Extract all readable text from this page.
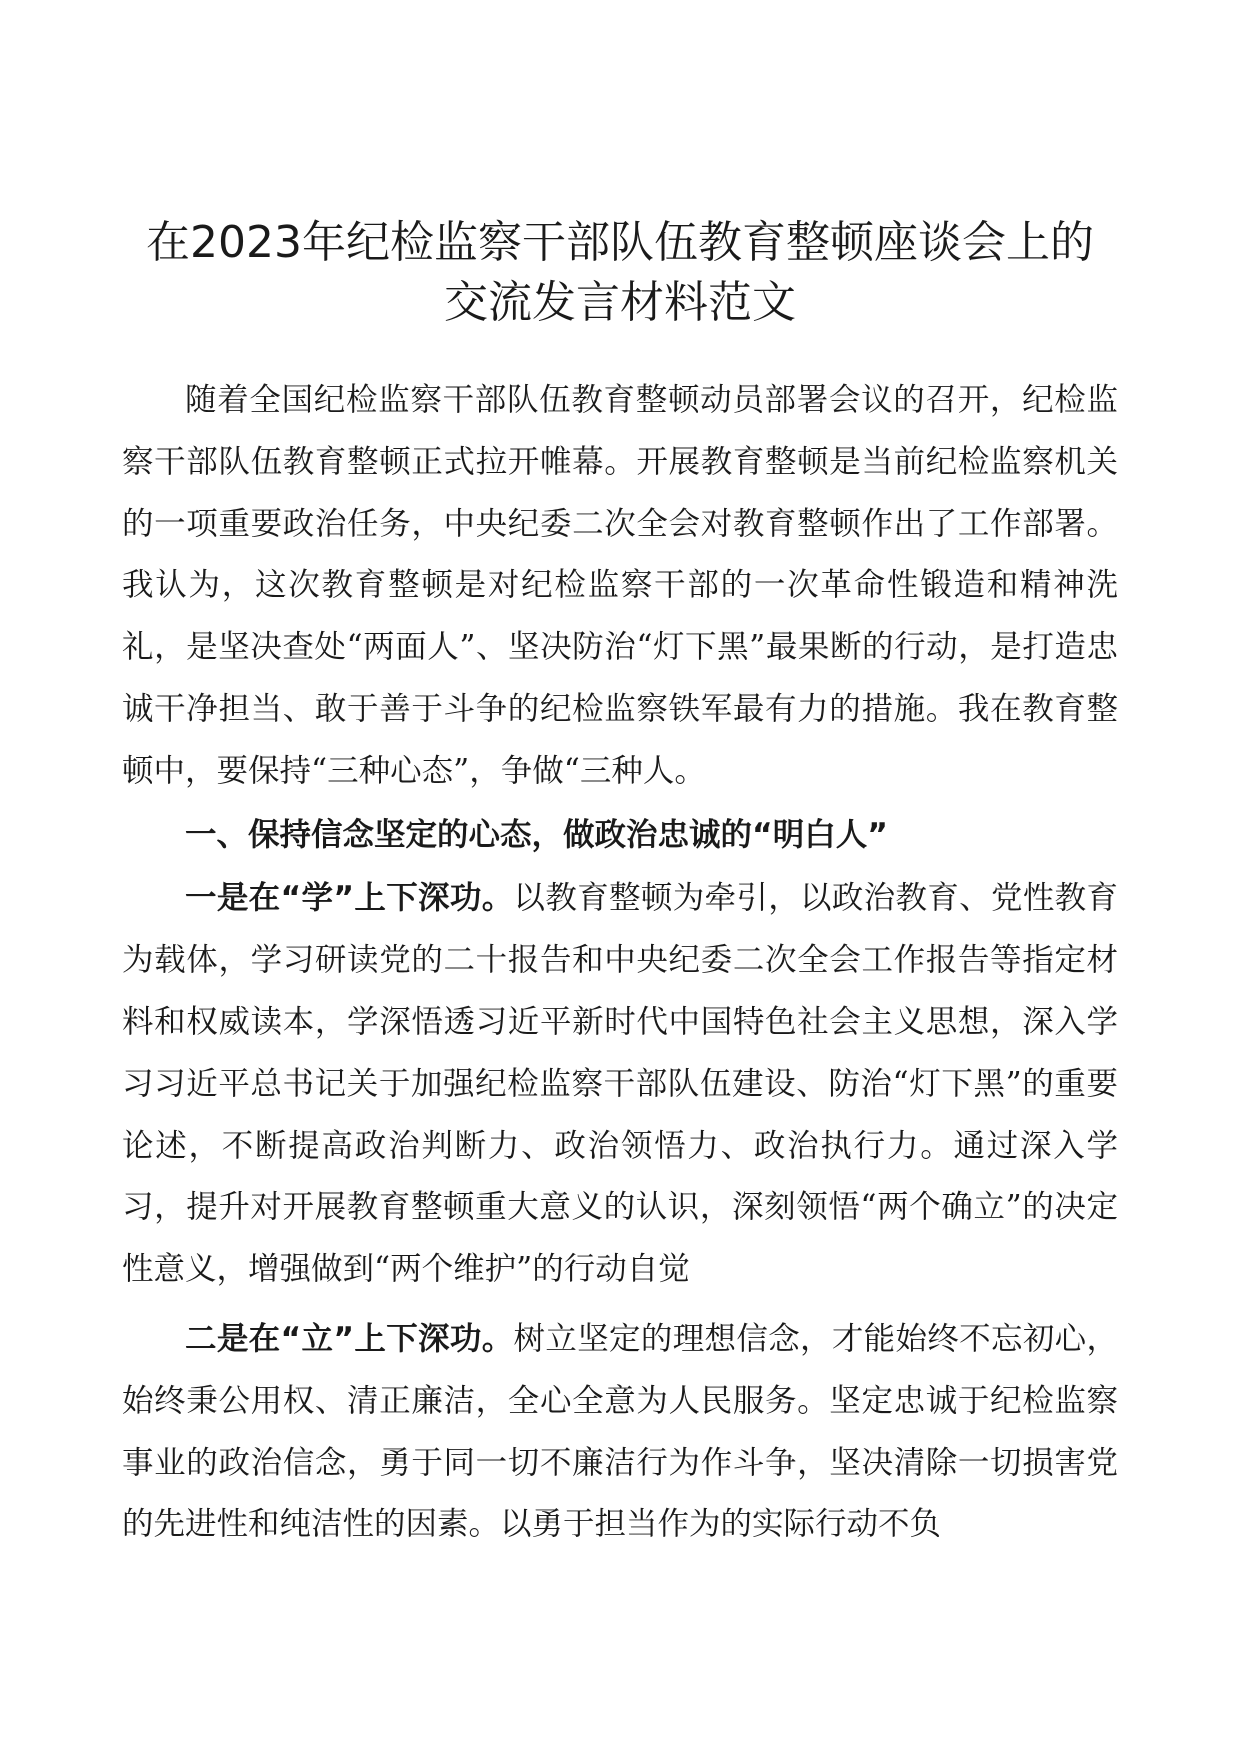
在2023年纪检监察干部队伍教育整顿座谈会上的
交流发言材料范文

随着全国纪检监察干部队伍教育整顿动员部署会议的召开，纪检监察干部队伍教育整顿正式拉开帷幕。开展教育整顿是当前纪检监察机关的一项重要政治任务，中央纪委二次全会对教育整顿作出了工作部署。我认为，这次教育整顿是对纪检监察干部的一次革命性锻造和精神洗礼，是坚决查处“两面人”、坚决防治“灯下黑”最果断的行动，是打造忠诚干净担当、敢于善于斗争的纪检监察铁军最有力的措施。我在教育整顿中，要保持“三种心态”，争做“三种人。

一、保持信念坚定的心态，做政治忠诚的“明白人”

一是在“学”上下深功。以教育整顿为牵引，以政治教育、党性教育为载体，学习研读党的二十报告和中央纪委二次全会工作报告等指定材料和权威读本，学深悟透习近平新时代中国特色社会主义思想，深入学习习近平总书记关于加强纪检监察干部队伍建设、防治“灯下黑”的重要论述，不断提高政治判断力、政治领悟力、政治执行力。通过深入学习，提升对开展教育整顿重大意义的认识，深刻领悟“两个确立”的决定性意义，增强做到“两个维护”的行动自觉

二是在“立”上下深功。树立坚定的理想信念，才能始终不忘初心，始终秉公用权、清正廉洁，全心全意为人民服务。坚定忠诚于纪检监察事业的政治信念，勇于同一切不廉洁行为作斗争，坚决清除一切损害党的先进性和纯洁性的因素。以勇于担当作为的实际行动不负
